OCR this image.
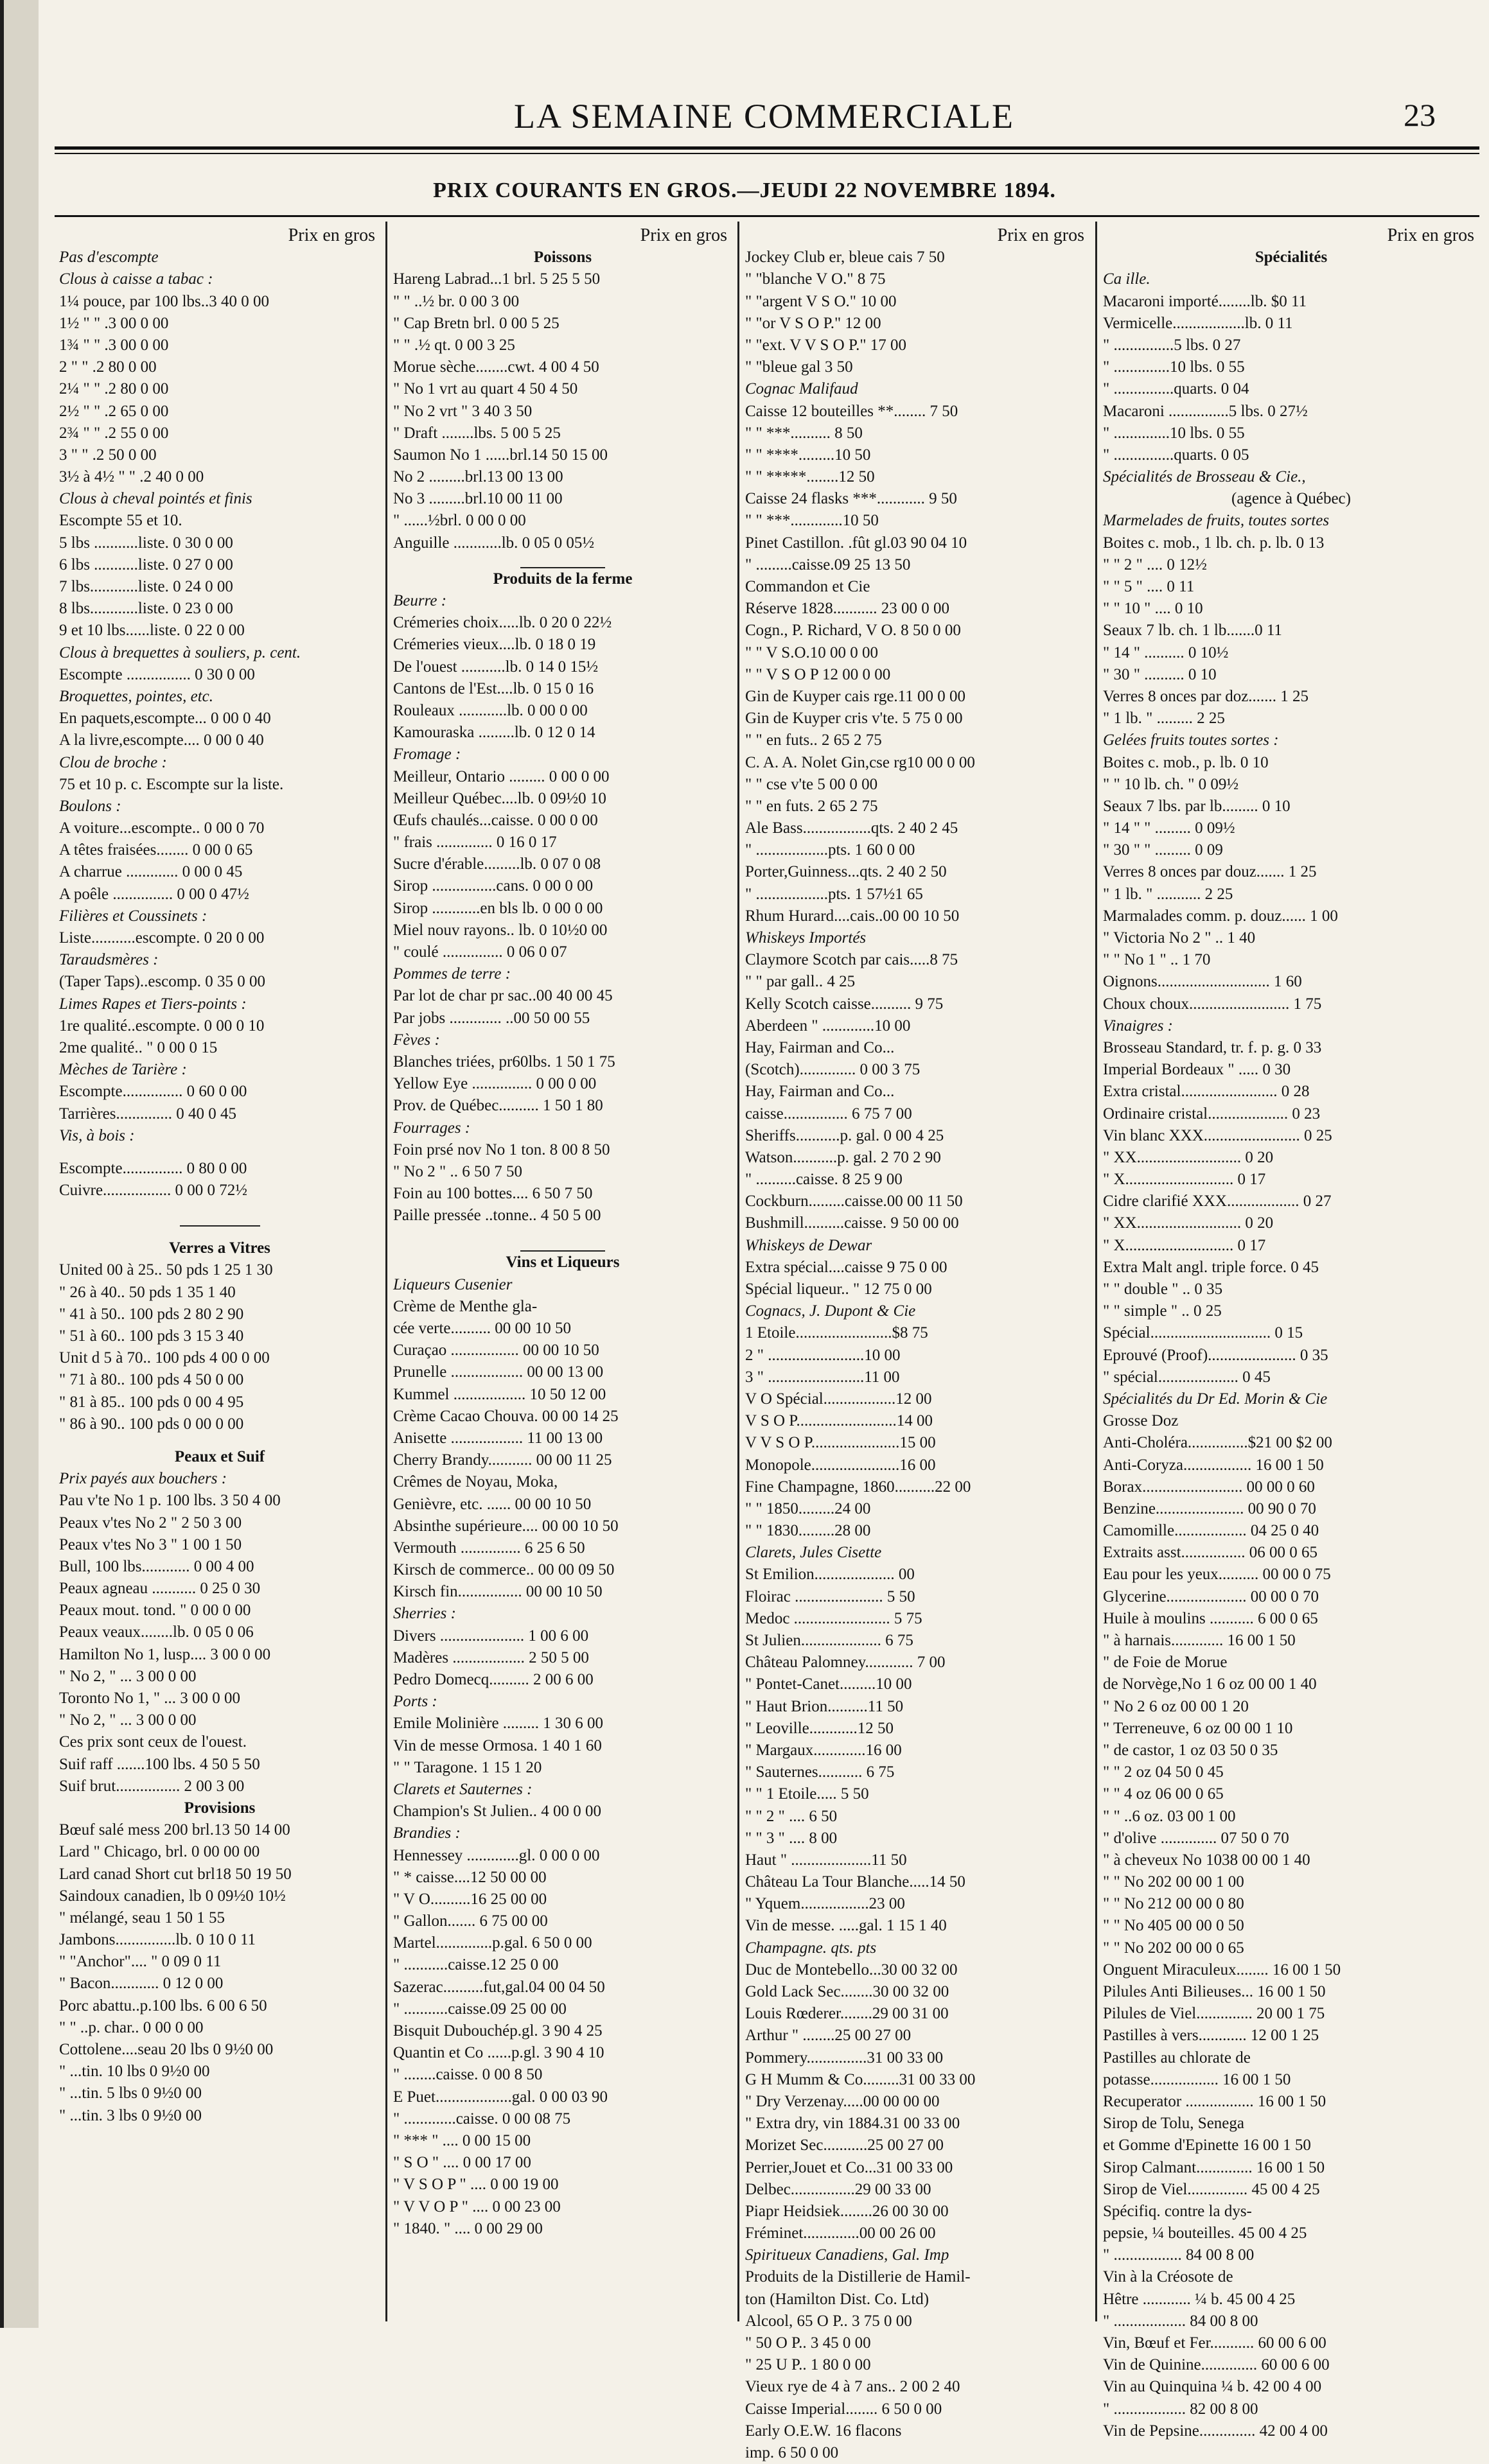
LA SEMAINE COMMERCIALE	23
PRIX COURANTS EN GROS.—JEUDI 22 NOVEMBRE 1894.
Prix en gros
Pas d'escompte
Clous à caisse a tabac :
1¼ pouce, par 100 lbs..3 40 0 00
1½ " " .3 00 0 00
1¾ " " .3 00 0 00
2 " " .2 80 0 00
2¼ " " .2 80 0 00
2½ " " .2 65 0 00
2¾ " " .2 55 0 00
3 " " .2 50 0 00
3½ à 4½ " " .2 40 0 00
Clous à cheval pointés et finis
Escompte 55 et 10.
5 lbs ...........liste. 0 30 0 00
6 lbs ...........liste. 0 27 0 00
7 lbs............liste. 0 24 0 00
8 lbs............liste. 0 23 0 00
9 et 10 lbs......liste. 0 22 0 00
Clous à brequettes à souliers, p. cent.
Escompte ................ 0 30 0 00
Broquettes, pointes, etc.
En paquets,escompte... 0 00 0 40
A la livre,escompte.... 0 00 0 40
Clou de broche :
75 et 10 p. c. Escompte sur la liste.
Boulons :
A voiture...escompte.. 0 00 0 70
A têtes fraisées........ 0 00 0 65
A charrue ............. 0 00 0 45
A poêle ............... 0 00 0 47½
Filières et Coussinets :
Liste...........escompte. 0 20 0 00
Taraudsmères :
(Taper Taps)..escomp. 0 35 0 00
Limes Rapes et Tiers-points :
1re qualité..escompte. 0 00 0 10
2me qualité.. " 0 00 0 15
Mèches de Tarière :
Escompte............... 0 60 0 00
Tarrières.............. 0 40 0 45
Vis, à bois :
Escompte............... 0 80 0 00
Cuivre................. 0 00 0 72½
Verres a Vitres
United 00 à 25.. 50 pds 1 25 1 30
" 26 à 40.. 50 pds 1 35 1 40
" 41 à 50.. 100 pds 2 80 2 90
" 51 à 60.. 100 pds 3 15 3 40
Unit d 5 à 70.. 100 pds 4 00 0 00
" 71 à 80.. 100 pds 4 50 0 00
" 81 à 85.. 100 pds 0 00 4 95
" 86 à 90.. 100 pds 0 00 0 00
Peaux et Suif
Prix payés aux bouchers :
Pau v'te No 1 p. 100 lbs. 3 50 4 00
Peaux v'tes No 2 " 2 50 3 00
Peaux v'tes No 3 " 1 00 1 50
Bull, 100 lbs............ 0 00 4 00
Peaux agneau ........... 0 25 0 30
Peaux mout. tond. " 0 00 0 00
Peaux veaux........lb. 0 05 0 06
Hamilton No 1, lusp.... 3 00 0 00
" No 2, " ... 3 00 0 00
Toronto No 1, " ... 3 00 0 00
" No 2, " ... 3 00 0 00
Ces prix sont ceux de l'ouest.
Suif raff .......100 lbs. 4 50 5 50
Suif brut................ 2 00 3 00
Provisions
Bœuf salé mess 200 brl.13 50 14 00
Lard " Chicago, brl. 0 00 00 00
Lard canad Short cut brl18 50 19 50
Saindoux canadien, lb 0 09½0 10½
" mélangé, seau 1 50 1 55
Jambons...............lb. 0 10 0 11
" "Anchor".... " 0 09 0 11
" Bacon............ 0 12 0 00
Porc abattu..p.100 lbs. 6 00 6 50
" " ..p. char.. 0 00 0 00
Cottolene....seau 20 lbs 0 9½0 00
" ...tin. 10 lbs 0 9½0 00
" ...tin. 5 lbs 0 9½0 00
" ...tin. 3 lbs 0 9½0 00
Prix en gros
Poissons
Hareng Labrad...1 brl. 5 25 5 50
" " ..½ br. 0 00 3 00
" Cap Bretn brl. 0 00 5 25
" " .½ qt. 0 00 3 25
Morue sèche........cwt. 4 00 4 50
" No 1 vrt au quart 4 50 4 50
" No 2 vrt " 3 40 3 50
" Draft ........lbs. 5 00 5 25
Saumon No 1 ......brl.14 50 15 00
No 2 .........brl.13 00 13 00
No 3 .........brl.10 00 11 00
" ......½brl. 0 00 0 00
Anguille ............lb. 0 05 0 05½
Produits de la ferme
Beurre :
Crémeries choix.....lb. 0 20 0 22½
Crémeries vieux....lb. 0 18 0 19
De l'ouest ...........lb. 0 14 0 15½
Cantons de l'Est....lb. 0 15 0 16
Rouleaux ............lb. 0 00 0 00
Kamouraska .........lb. 0 12 0 14
Fromage :
Meilleur, Ontario ......... 0 00 0 00
Meilleur Québec....lb. 0 09½0 10
Œufs chaulés...caisse. 0 00 0 00
" frais .............. 0 16 0 17
Sucre d'érable.........lb. 0 07 0 08
Sirop ................cans. 0 00 0 00
Sirop ............en bls lb. 0 00 0 00
Miel nouv rayons.. lb. 0 10½0 00
" coulé ............... 0 06 0 07
Pommes de terre :
Par lot de char pr sac..00 40 00 45
Par jobs ............. ..00 50 00 55
Fèves :
Blanches triées, pr60lbs. 1 50 1 75
Yellow Eye ............... 0 00 0 00
Prov. de Québec.......... 1 50 1 80
Fourrages :
Foin prsé nov No 1 ton. 8 00 8 50
" No 2 " .. 6 50 7 50
Foin au 100 bottes.... 6 50 7 50
Paille pressée ..tonne.. 4 50 5 00
Vins et Liqueurs
Liqueurs Cusenier
Crème de Menthe gla-
cée verte.......... 00 00 10 50
Curaçao ................. 00 00 10 50
Prunelle .................. 00 00 13 00
Kummel .................. 10 50 12 00
Crème Cacao Chouva. 00 00 14 25
Anisette .................. 11 00 13 00
Cherry Brandy........... 00 00 11 25
Crêmes de Noyau, Moka,
Genièvre, etc. ...... 00 00 10 50
Absinthe supérieure.... 00 00 10 50
Vermouth ............... 6 25 6 50
Kirsch de commerce.. 00 00 09 50
Kirsch fin................ 00 00 10 50
Sherries :
Divers ..................... 1 00 6 00
Madères .................. 2 50 5 00
Pedro Domecq.......... 2 00 6 00
Ports :
Emile Molinière ......... 1 30 6 00
Vin de messe Ormosa. 1 40 1 60
" " Taragone. 1 15 1 20
Clarets et Sauternes :
Champion's St Julien.. 4 00 0 00
Brandies :
Hennessey .............gl. 0 00 0 00
" * caisse....12 50 00 00
" V O..........16 25 00 00
" Gallon....... 6 75 00 00
Martel..............p.gal. 6 50 0 00
" ...........caisse.12 25 0 00
Sazerac..........fut,gal.04 00 04 50
" ...........caisse.09 25 00 00
Bisquit Dubouchép.gl. 3 90 4 25
Quantin et Co ......p.gl. 3 90 4 10
" ........caisse. 0 00 8 50
E Puet...................gal. 0 00 03 90
" .............caisse. 0 00 08 75
" *** " .... 0 00 15 00
" S O " .... 0 00 17 00
" V S O P " .... 0 00 19 00
" V V O P " .... 0 00 23 00
" 1840. " .... 0 00 29 00
Prix en gros
Jockey Club er, bleue cais 7 50
" "blanche V O." 8 75
" "argent V S O." 10 00
" "or V S O P." 12 00
" "ext. V V S O P." 17 00
" "bleue gal 3 50
Cognac Malifaud
Caisse 12 bouteilles **........ 7 50
" " ***.......... 8 50
" " ****.........10 50
" " *****........12 50
Caisse 24 flasks ***............ 9 50
" " ***.............10 50
Pinet Castillon. .fût gl.03 90 04 10
" .........caisse.09 25 13 50
Commandon et Cie
Réserve 1828........... 23 00 0 00
Cogn., P. Richard, V O. 8 50 0 00
" " V S.O.10 00 0 00
" " V S O P 12 00 0 00
Gin de Kuyper cais rge.11 00 0 00
Gin de Kuyper cris v'te. 5 75 0 00
" " en futs.. 2 65 2 75
C. A. A. Nolet Gin,cse rg10 00 0 00
" " cse v'te 5 00 0 00
" " en futs. 2 65 2 75
Ale Bass.................qts. 2 40 2 45
" ..................pts. 1 60 0 00
Porter,Guinness...qts. 2 40 2 50
" ..................pts. 1 57½1 65
Rhum Hurard....cais..00 00 10 50
Whiskeys Importés
Claymore Scotch par cais.....8 75
" " par gall.. 4 25
Kelly Scotch caisse.......... 9 75
Aberdeen " .............10 00
Hay, Fairman and Co...
(Scotch).............. 0 00 3 75
Hay, Fairman and Co...
caisse................ 6 75 7 00
Sheriffs...........p. gal. 0 00 4 25
Watson...........p. gal. 2 70 2 90
" ..........caisse. 8 25 9 00
Cockburn.........caisse.00 00 11 50
Bushmill..........caisse. 9 50 00 00
Whiskeys de Dewar
Extra spécial....caisse 9 75 0 00
Spécial liqueur.. " 12 75 0 00
Cognacs, J. Dupont & Cie
1 Etoile........................$8 75
2 " ........................10 00
3 " ........................11 00
V O Spécial..................12 00
V S O P.........................14 00
V V S O P......................15 00
Monopole......................16 00
Fine Champagne, 1860..........22 00
" " 1850.........24 00
" " 1830.........28 00
Clarets, Jules Cisette
St Emilion.................... 00
Floirac ...................... 5 50
Medoc ........................ 5 75
St Julien.................... 6 75
Château Palomney............ 7 00
" Pontet-Canet.........10 00
" Haut Brion..........11 50
" Leoville............12 50
" Margaux.............16 00
" Sauternes........... 6 75
" " 1 Etoile..... 5 50
" " 2 " .... 6 50
" " 3 " .... 8 00
Haut " ....................11 50
Château La Tour Blanche.....14 50
" Yquem.................23 00
Vin de messe. .....gal. 1 15 1 40
Champagne. qts. pts
Duc de Montebello...30 00 32 00
Gold Lack Sec........30 00 32 00
Louis Rœderer........29 00 31 00
Arthur " ........25 00 27 00
Pommery...............31 00 33 00
G H Mumm & Co.........31 00 33 00
" Dry Verzenay.....00 00 00 00
" Extra dry, vin 1884.31 00 33 00
Morizet Sec...........25 00 27 00
Perrier,Jouet et Co...31 00 33 00
Delbec................29 00 33 00
Piapr Heidsiek........26 00 30 00
Fréminet..............00 00 26 00
Spiritueux Canadiens, Gal. Imp
Produits de la Distillerie de Hamil-
ton (Hamilton Dist. Co. Ltd)
Alcool, 65 O P.. 3 75 0 00
" 50 O P.. 3 45 0 00
" 25 U P.. 1 80 0 00
Vieux rye de 4 à 7 ans.. 2 00 2 40
Caisse Imperial........ 6 50 0 00
Early O.E.W. 16 flacons
imp. 6 50 0 00
Prix en gros
Spécialités
Ca ille.
Macaroni importé........lb. $0 11
Vermicelle..................lb. 0 11
" ...............5 lbs. 0 27
" ..............10 lbs. 0 55
" ...............quarts. 0 04
Macaroni ...............5 lbs. 0 27½
" ..............10 lbs. 0 55
" ...............quarts. 0 05
Spécialités de Brosseau & Cie.,
(agence à Québec)
Marmelades de fruits, toutes sortes
Boites c. mob., 1 lb. ch. p. lb. 0 13
" " 2 " .... 0 12½
" " 5 " .... 0 11
" " 10 " .... 0 10
Seaux 7 lb. ch. 1 lb.......0 11
" 14 " .......... 0 10½
" 30 " .......... 0 10
Verres 8 onces par doz....... 1 25
" 1 lb. " ......... 2 25
Gelées fruits toutes sortes :
Boites c. mob., p. lb. 0 10
" " 10 lb. ch. " 0 09½
Seaux 7 lbs. par lb......... 0 10
" 14 " " ......... 0 09½
" 30 " " ......... 0 09
Verres 8 onces par douz....... 1 25
" 1 lb. " ........... 2 25
Marmalades comm. p. douz...... 1 00
" Victoria No 2 " .. 1 40
" " No 1 " .. 1 70
Oignons............................ 1 60
Choux choux......................... 1 75
Vinaigres :
Brosseau Standard, tr. f. p. g. 0 33
Imperial Bordeaux " ..... 0 30
Extra cristal........................ 0 28
Ordinaire cristal.................... 0 23
Vin blanc XXX........................ 0 25
" XX.......................... 0 20
" X........................... 0 17
Cidre clarifié XXX.................. 0 27
" XX.......................... 0 20
" X........................... 0 17
Extra Malt angl. triple force. 0 45
" " double " .. 0 35
" " simple " .. 0 25
Spécial.............................. 0 15
Eprouvé (Proof)...................... 0 35
" spécial.................... 0 45
Spécialités du Dr Ed. Morin & Cie
Grosse Doz
Anti-Choléra...............$21 00 $2 00
Anti-Coryza................. 16 00 1 50
Borax......................... 00 00 0 60
Benzine...................... 00 90 0 70
Camomille.................. 04 25 0 40
Extraits asst................ 06 00 0 65
Eau pour les yeux.......... 00 00 0 75
Glycerine.................... 00 00 0 70
Huile à moulins ........... 6 00 0 65
" à harnais............. 16 00 1 50
" de Foie de Morue
de Norvège,No 1 6 oz 00 00 1 40
" No 2 6 oz 00 00 1 20
" Terreneuve, 6 oz 00 00 1 10
" de castor, 1 oz 03 50 0 35
" " 2 oz 04 50 0 45
" " 4 oz 06 00 0 65
" " ..6 oz. 03 00 1 00
" d'olive .............. 07 50 0 70
" à cheveux No 1038 00 00 1 40
" " No 202 00 00 1 00
" " No 212 00 00 0 80
" " No 405 00 00 0 50
" " No 202 00 00 0 65
Onguent Miraculeux........ 16 00 1 50
Pilules Anti Bilieuses... 16 00 1 50
Pilules de Viel.............. 20 00 1 75
Pastilles à vers............ 12 00 1 25
Pastilles au chlorate de
potasse................. 16 00 1 50
Recuperator ................. 16 00 1 50
Sirop de Tolu, Senega
et Gomme d'Epinette 16 00 1 50
Sirop Calmant.............. 16 00 1 50
Sirop de Viel............... 45 00 4 25
Spécifiq. contre la dys-
pepsie, ¼ bouteilles. 45 00 4 25
" ................. 84 00 8 00
Vin à la Créosote de
Hêtre ............ ¼ b. 45 00 4 25
" .................. 84 00 8 00
Vin, Bœuf et Fer........... 60 00 6 00
Vin de Quinine.............. 60 00 6 00
Vin au Quinquina ¼ b. 42 00 4 00
" .................. 82 00 8 00
Vin de Pepsine.............. 42 00 4 00
